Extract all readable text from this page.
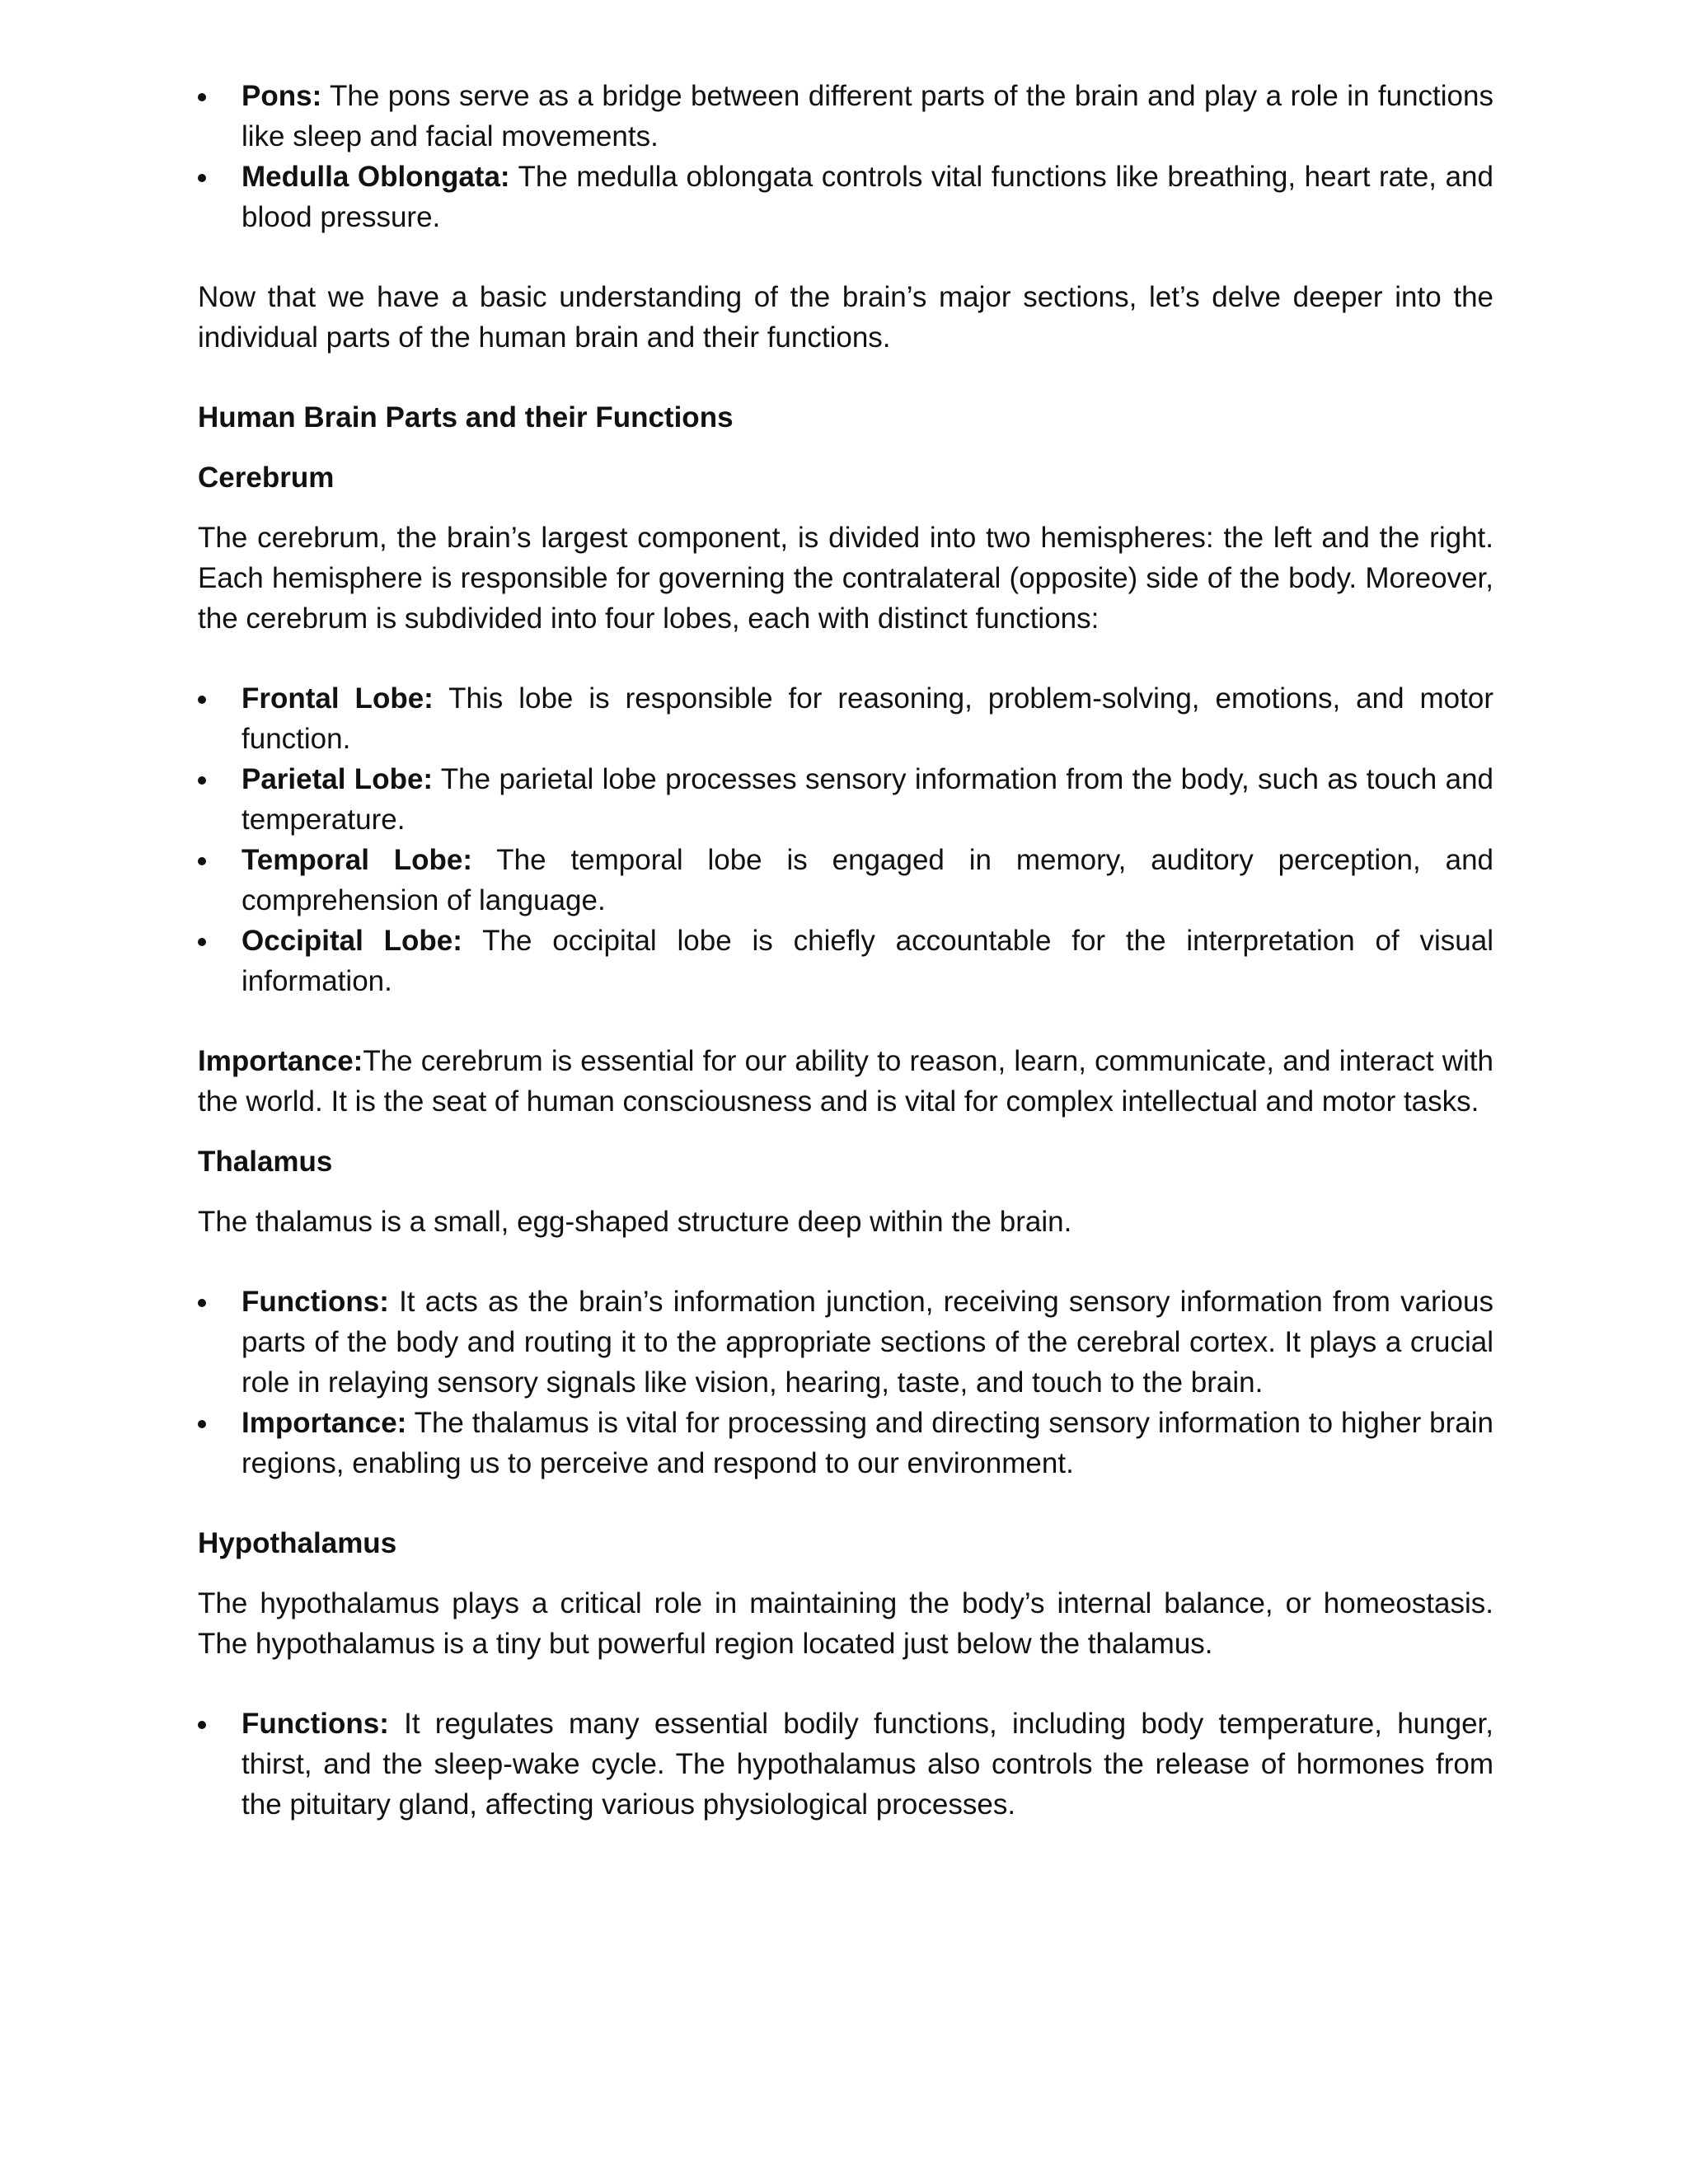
Pons: The pons serve as a bridge between different parts of the brain and play a role in functions like sleep and facial movements.
Medulla Oblongata: The medulla oblongata controls vital functions like breathing, heart rate, and blood pressure.

Now that we have a basic understanding of the brain’s major sections, let’s delve deeper into the individual parts of the human brain and their functions.

Human Brain Parts and their Functions

Cerebrum

The cerebrum, the brain’s largest component, is divided into two hemispheres: the left and the right. Each hemisphere is responsible for governing the contralateral (opposite) side of the body. Moreover, the cerebrum is subdivided into four lobes, each with distinct functions:

Frontal Lobe: This lobe is responsible for reasoning, problem-solving, emotions, and motor function.
Parietal Lobe: The parietal lobe processes sensory information from the body, such as touch and temperature.
Temporal Lobe: The temporal lobe is engaged in memory, auditory perception, and comprehension of language.
Occipital Lobe: The occipital lobe is chiefly accountable for the interpretation of visual information.

Importance:The cerebrum is essential for our ability to reason, learn, communicate, and interact with the world. It is the seat of human consciousness and is vital for complex intellectual and motor tasks.

Thalamus

The thalamus is a small, egg-shaped structure deep within the brain.

Functions: It acts as the brain’s information junction, receiving sensory information from various parts of the body and routing it to the appropriate sections of the cerebral cortex. It plays a crucial role in relaying sensory signals like vision, hearing, taste, and touch to the brain.
Importance: The thalamus is vital for processing and directing sensory information to higher brain regions, enabling us to perceive and respond to our environment.

Hypothalamus

The hypothalamus plays a critical role in maintaining the body’s internal balance, or homeostasis. The hypothalamus is a tiny but powerful region located just below the thalamus.

Functions: It regulates many essential bodily functions, including body temperature, hunger, thirst, and the sleep-wake cycle. The hypothalamus also controls the release of hormones from the pituitary gland, affecting various physiological processes.
